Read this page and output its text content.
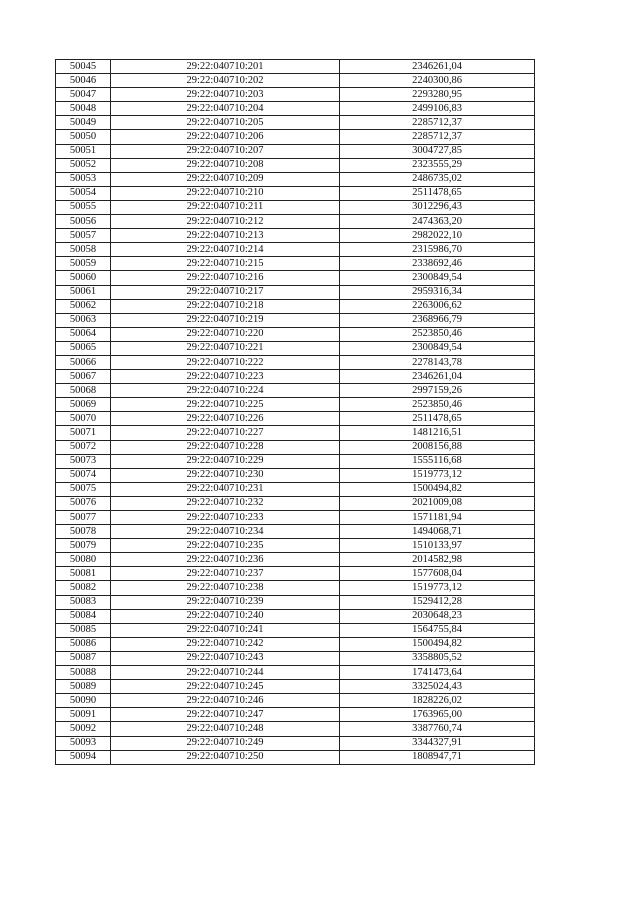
50045	29:22:040710:201	2346261,04
50046	29:22:040710:202	2240300,86
50047	29:22:040710:203	2293280,95
50048	29:22:040710:204	2499106,83
50049	29:22:040710:205	2285712,37
50050	29:22:040710:206	2285712,37
50051	29:22:040710:207	3004727,85
50052	29:22:040710:208	2323555,29
50053	29:22:040710:209	2486735,02
50054	29:22:040710:210	2511478,65
50055	29:22:040710:211	3012296,43
50056	29:22:040710:212	2474363,20
50057	29:22:040710:213	2982022,10
50058	29:22:040710:214	2315986,70
50059	29:22:040710:215	2338692,46
50060	29:22:040710:216	2300849,54
50061	29:22:040710:217	2959316,34
50062	29:22:040710:218	2263006,62
50063	29:22:040710:219	2368966,79
50064	29:22:040710:220	2523850,46
50065	29:22:040710:221	2300849,54
50066	29:22:040710:222	2278143,78
50067	29:22:040710:223	2346261,04
50068	29:22:040710:224	2997159,26
50069	29:22:040710:225	2523850,46
50070	29:22:040710:226	2511478,65
50071	29:22:040710:227	1481216,51
50072	29:22:040710:228	2008156,88
50073	29:22:040710:229	1555116,68
50074	29:22:040710:230	1519773,12
50075	29:22:040710:231	1500494,82
50076	29:22:040710:232	2021009,08
50077	29:22:040710:233	1571181,94
50078	29:22:040710:234	1494068,71
50079	29:22:040710:235	1510133,97
50080	29:22:040710:236	2014582,98
50081	29:22:040710:237	1577608,04
50082	29:22:040710:238	1519773,12
50083	29:22:040710:239	1529412,28
50084	29:22:040710:240	2030648,23
50085	29:22:040710:241	1564755,84
50086	29:22:040710:242	1500494,82
50087	29:22:040710:243	3358805,52
50088	29:22:040710:244	1741473,64
50089	29:22:040710:245	3325024,43
50090	29:22:040710:246	1828226,02
50091	29:22:040710:247	1763965,00
50092	29:22:040710:248	3387760,74
50093	29:22:040710:249	3344327,91
50094	29:22:040710:250	1808947,71
